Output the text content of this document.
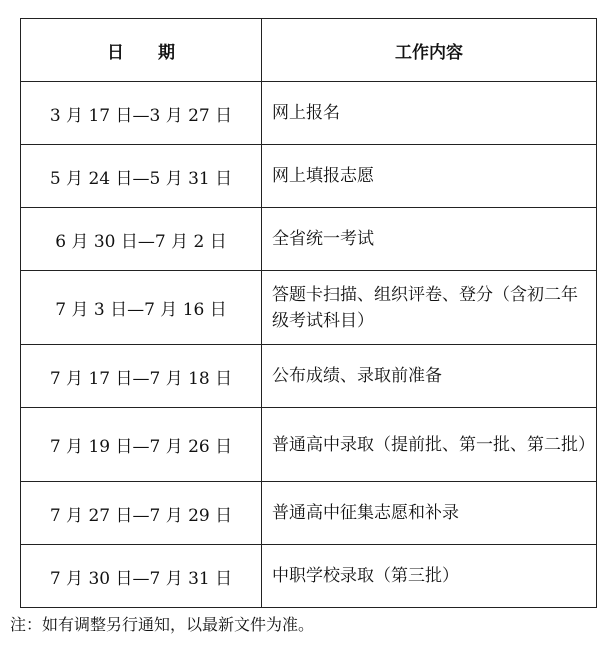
日 期	工作内容
3 月 17 日—3 月 27 日	网上报名
5 月 24 日—5 月 31 日	网上填报志愿
6 月 30 日—7 月 2 日	全省统一考试
7 月 3 日—7 月 16 日	答题卡扫描、组织评卷、登分（含初二年级考试科目）
7 月 17 日—7 月 18 日	公布成绩、录取前准备
7 月 19 日—7 月 26 日	普通高中录取（提前批、第一批、第二批）
7 月 27 日—7 月 29 日	普通高中征集志愿和补录
7 月 30 日—7 月 31 日	中职学校录取（第三批）
注：如有调整另行通知，以最新文件为准。
